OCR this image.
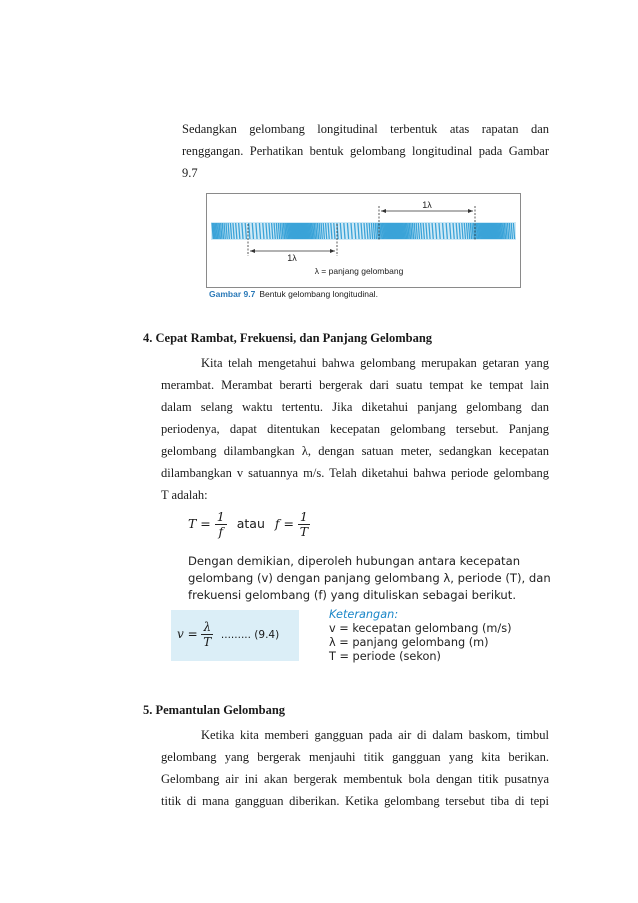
Sedangkan gelombang longitudinal terbentuk atas rapatan dan
renggangan. Perhatikan bentuk gelombang longitudinal pada Gambar
9.7
1λ
1λ
λ = panjang gelombang
Gambar 9.7 Bentuk gelombang longitudinal.
4. Cepat Rambat, Frekuensi, dan Panjang Gelombang
Kita telah mengetahui bahwa gelombang merupakan getaran yang
merambat. Merambat berarti bergerak dari suatu tempat ke tempat lain
dalam selang waktu tertentu. Jika diketahui panjang gelombang dan
periodenya, dapat ditentukan kecepatan gelombang tersebut. Panjang
gelombang dilambangkan λ, dengan satuan meter, sedangkan kecepatan
dilambangkan v satuannya m/s. Telah diketahui bahwa periode gelombang
T adalah:
$T = \frac{1}{f}$ atau $f = \frac{1}{T}$
Dengan demikian, diperoleh hubungan antara kecepatan
gelombang (v) dengan panjang gelombang λ, periode (T), dan
frekuensi gelombang (f) yang dituliskan sebagai berikut.
$v = \frac{\lambda}{T}$ ......... (9.4)
Keterangan:
v = kecepatan gelombang (m/s)
λ = panjang gelombang (m)
T = periode (sekon)
5. Pemantulan Gelombang
Ketika kita memberi gangguan pada air di dalam baskom, timbul
gelombang yang bergerak menjauhi titik gangguan yang kita berikan.
Gelombang air ini akan bergerak membentuk bola dengan titik pusatnya
titik di mana gangguan diberikan. Ketika gelombang tersebut tiba di tepi
